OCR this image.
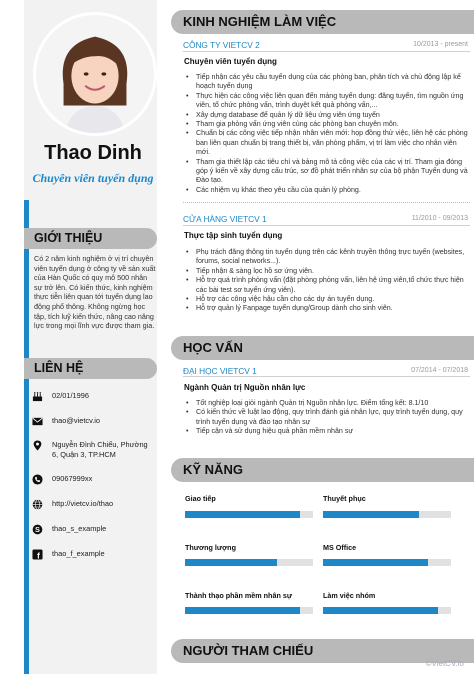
Thao Dinh
Chuyên viên tuyển dụng
GIỚI THIỆU
Có 2 năm kinh nghiệm ở vị trí chuyên viên tuyển dụng ở công ty về sản xuất của Hàn Quốc có quy mô 500 nhân sự trở lên. Có kiến thức, kinh nghiệm thực tiễn liên quan tới tuyển dụng lao động phổ thông. Không ngừng học tập, tích luỹ kiến thức, nâng cao năng lực trong mọi lĩnh vực được tham gia.
LIÊN HỆ
02/01/1996
thao@vietcv.io
Nguyễn Đình Chiểu, Phường 6, Quận 3, TP.HCM
09067999xx
http://vietcv.io/thao
S thao_s_example
f thao_f_example
KINH NGHIỆM LÀM VIỆC
CÔNG TY VIETCV 2	10/2013 - present
Chuyên viên tuyển dụng
• Tiếp nhận các yêu cầu tuyển dụng của các phòng ban, phân tích và chủ động lập kế hoạch tuyển dụng
• Thực hiện các công việc liên quan đến mảng tuyển dụng: đăng tuyển, tìm nguồn ứng viên, tổ chức phỏng vấn, trình duyệt kết quả phỏng vấn,...
• Xây dựng database để quản lý dữ liệu ứng viên ứng tuyển
• Tham gia phỏng vấn ứng viên cùng các phòng ban chuyên môn.
• Chuẩn bị các công việc tiếp nhận nhân viên mới: họp đồng thử việc, liên hệ các phòng ban liên quan chuẩn bị trang thiết bị, văn phòng phẩm, vị trí làm việc cho nhân viên mới.
• Tham gia thiết lập các tiêu chí và bảng mô tả công việc của các vị trí. Tham gia đóng góp ý kiến về xây dựng cấu trúc, sơ đồ phát triển nhân sự của bộ phận Tuyển dụng và Đào tạo.
• Các nhiệm vụ khác theo yêu cầu của quản lý phòng.
CỬA HÀNG VIETCV 1	11/2010 - 09/2013
Thực tập sinh tuyển dụng
• Phụ trách đăng thông tin tuyển dụng trên các kênh truyền thông trực tuyến (websites, forums, social networks...).
• Tiếp nhận & sàng lọc hồ sơ ứng viên.
• Hỗ trợ quá trình phỏng vấn (đặt phòng phỏng vấn, liên hệ ứng viên,tổ chức thực hiện các bài test sơ tuyển ứng viên).
• Hỗ trợ các công việc hậu cần cho các dự án tuyển dụng.
• Hỗ trợ quản lý Fanpage tuyển dụng/Group dành cho sinh viên.
HỌC VẤN
ĐẠI HỌC VIETCV 1	07/2014 - 07/2018
Ngành Quản trị Nguồn nhân lực
• Tốt nghiệp loại giỏi ngành Quản trị Nguồn nhân lực. Điểm tổng kết: 8.1/10
• Có kiến thức về luật lao động, quy trình đánh giá nhân lực, quy trình tuyển dụng, quy trình tuyển dụng và đào tạo nhân sự
• Tiếp cận và sử dụng hiệu quả phần mềm nhân sự
KỸ NĂNG
Giao tiếp	Thuyết phục
Thương lượng	MS Office
Thành thạo phần mềm nhân sự	Làm việc nhóm
NGƯỜI THAM CHIẾU
©VietCV.io
